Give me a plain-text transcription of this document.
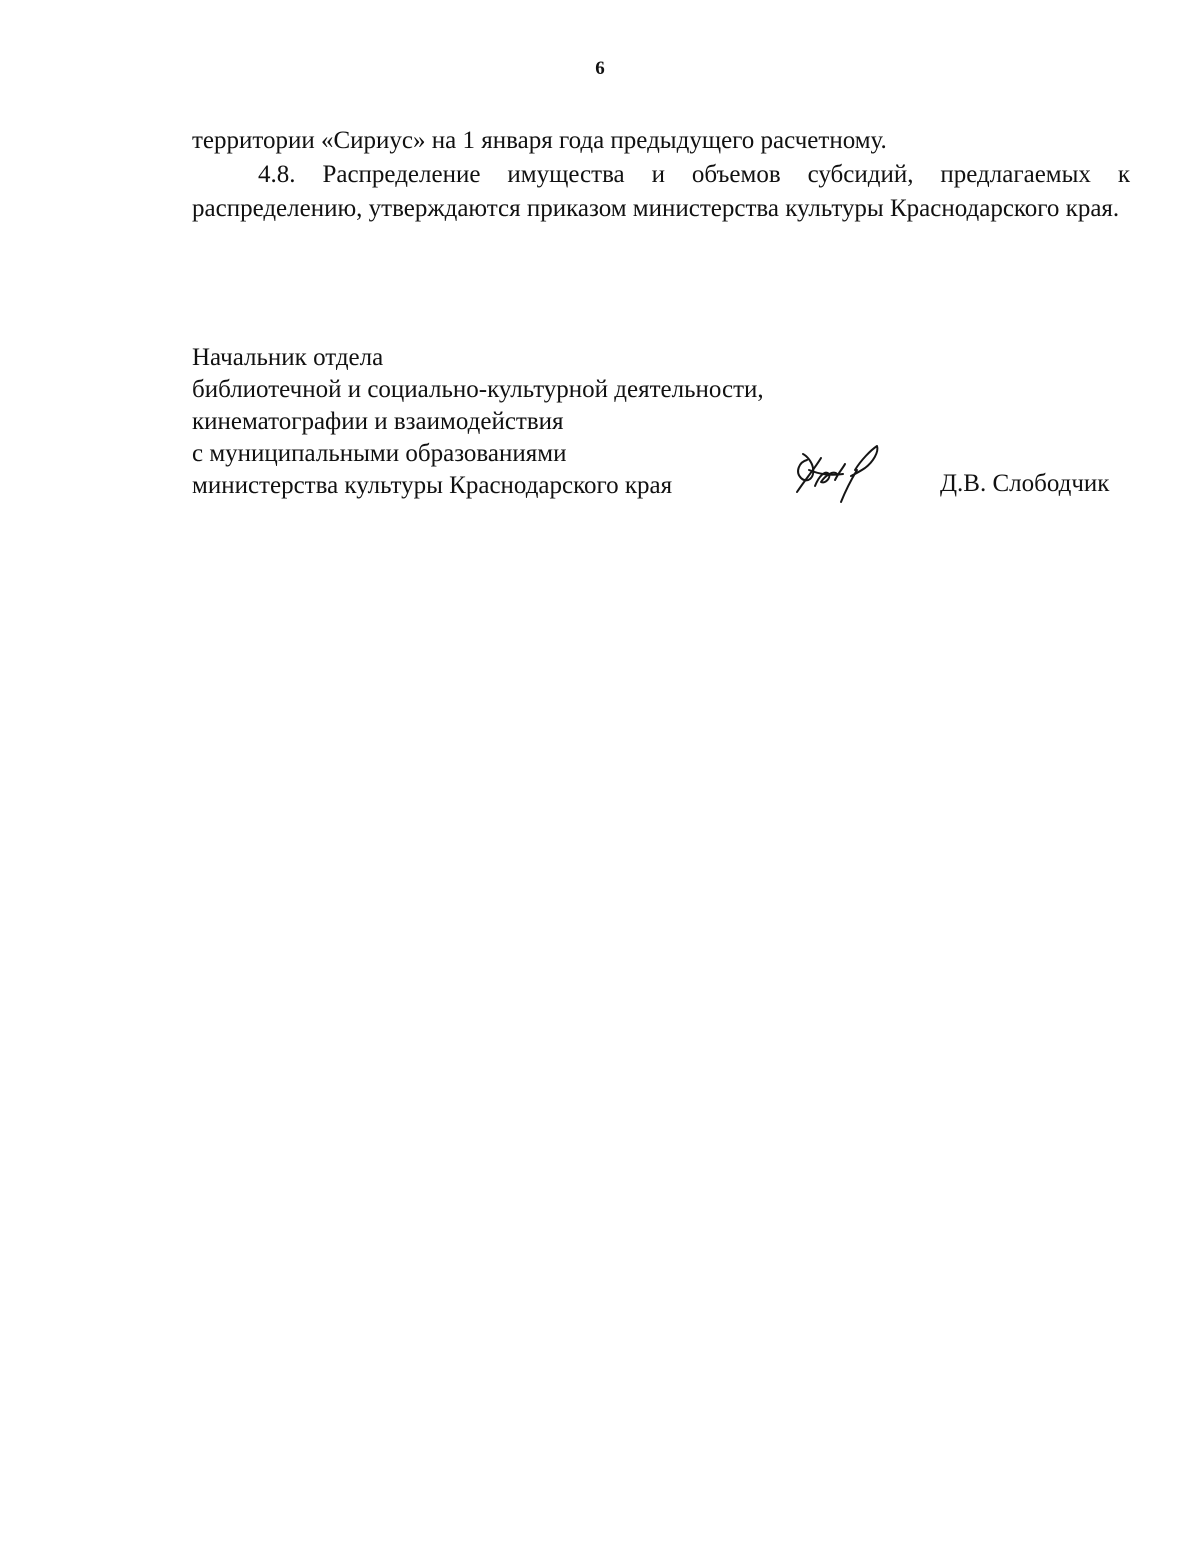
6

территории «Сириус» на 1 января года предыдущего расчетному.

4.8. Распределение имущества и объемов субсидий, предлагаемых к распределению, утверждаются приказом министерства культуры Краснодарского края.

Начальник отдела
библиотечной и социально-культурной деятельности,
кинематографии и взаимодействия
с муниципальными образованиями
министерства культуры Краснодарского края	Д.В. Слободчик
